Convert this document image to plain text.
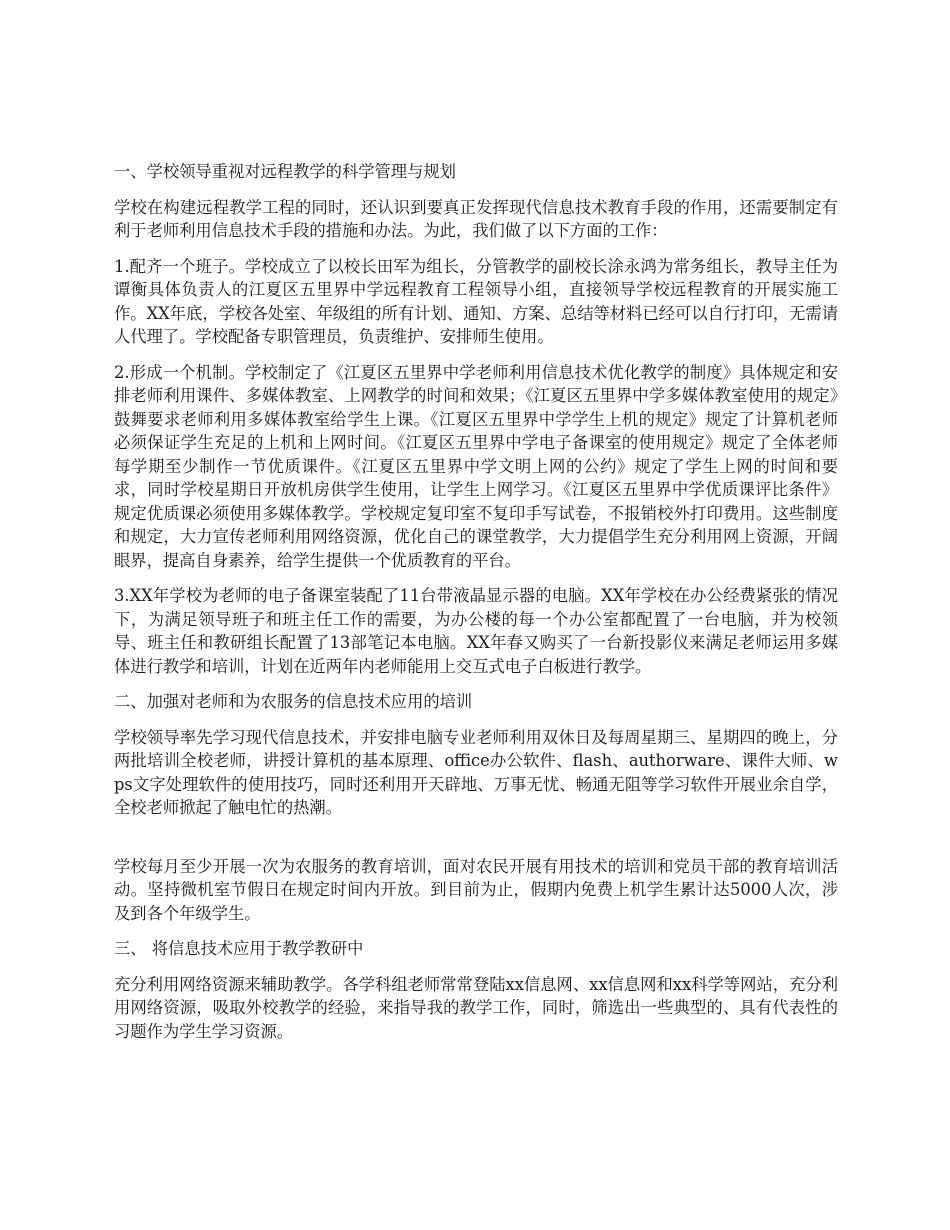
一、学校领导重视对远程教学的科学管理与规划

学校在构建远程教学工程的同时，还认识到要真正发挥现代信息技术教育手段的作用，还需要制定有利于老师利用信息技术手段的措施和办法。为此，我们做了以下方面的工作：

1.配齐一个班子。学校成立了以校长田军为组长，分管教学的副校长涂永鸿为常务组长，教导主任为谭衡具体负责人的江夏区五里界中学远程教育工程领导小组，直接领导学校远程教育的开展实施工作。XX年底，学校各处室、年级组的所有计划、通知、方案、总结等材料已经可以自行打印，无需请人代理了。学校配备专职管理员，负责维护、安排师生使用。

2.形成一个机制。学校制定了《江夏区五里界中学老师利用信息技术优化教学的制度》具体规定和安排老师利用课件、多媒体教室、上网教学的时间和效果；《江夏区五里界中学多媒体教室使用的规定》鼓舞要求老师利用多媒体教室给学生上课。《江夏区五里界中学学生上机的规定》规定了计算机老师必须保证学生充足的上机和上网时间。《江夏区五里界中学电子备课室的使用规定》规定了全体老师每学期至少制作一节优质课件。《江夏区五里界中学文明上网的公约》规定了学生上网的时间和要求，同时学校星期日开放机房供学生使用，让学生上网学习。《江夏区五里界中学优质课评比条件》规定优质课必须使用多媒体教学。学校规定复印室不复印手写试卷，不报销校外打印费用。这些制度和规定，大力宣传老师利用网络资源，优化自己的课堂教学，大力提倡学生充分利用网上资源，开阔眼界，提高自身素养，给学生提供一个优质教育的平台。

3.XX年学校为老师的电子备课室装配了11台带液晶显示器的电脑。XX年学校在办公经费紧张的情况下，为满足领导班子和班主任工作的需要，为办公楼的每一个办公室都配置了一台电脑，并为校领导、班主任和教研组长配置了13部笔记本电脑。XX年春又购买了一台新投影仪来满足老师运用多媒体进行教学和培训，计划在近两年内老师能用上交互式电子白板进行教学。

二、加强对老师和为农服务的信息技术应用的培训

学校领导率先学习现代信息技术，并安排电脑专业老师利用双休日及每周星期三、星期四的晚上，分两批培训全校老师，讲授计算机的基本原理、office办公软件、flash、authorware、课件大师、wps文字处理软件的使用技巧，同时还利用开天辟地、万事无忧、畅通无阻等学习软件开展业余自学，全校老师掀起了触电忙的热潮。

学校每月至少开展一次为农服务的教育培训，面对农民开展有用技术的培训和党员干部的教育培训活动。坚持微机室节假日在规定时间内开放。到目前为止，假期内免费上机学生累计达5000人次，涉及到各个年级学生。

三、 将信息技术应用于教学教研中

充分利用网络资源来辅助教学。各学科组老师常常登陆xx信息网、xx信息网和xx科学等网站，充分利用网络资源，吸取外校教学的经验，来指导我的教学工作，同时，筛选出一些典型的、具有代表性的习题作为学生学习资源。
